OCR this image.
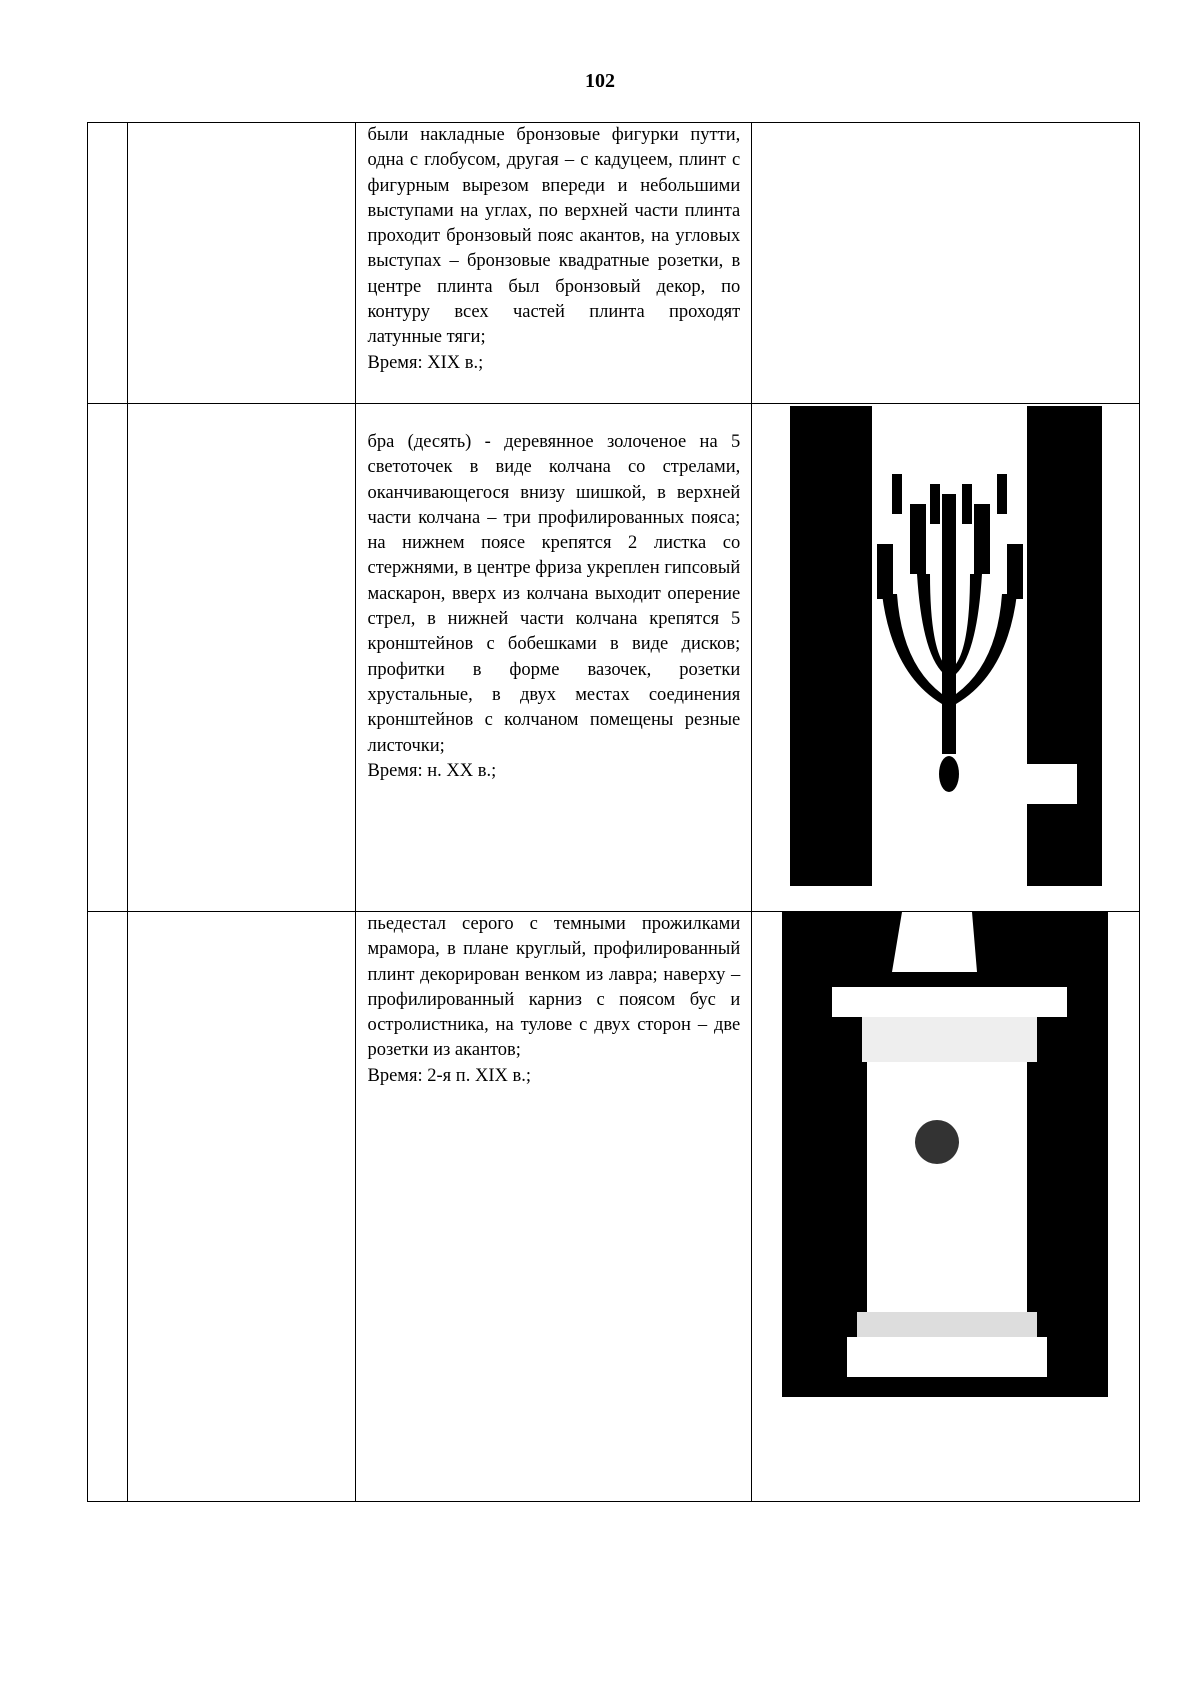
102

		были накладные бронзовые фигурки путти, одна с глобусом, другая – с кадуцеем, плинт с фигурным вырезом впереди и небольшими выступами на углах, по верхней части плинта проходит бронзовый пояс акантов, на угловых выступах – бронзовые квадратные розетки, в центре плинта был бронзовый декор, по контуру всех частей плинта проходят латунные тяги;
Время: XIX в.;	

		бра (десять) - деревянное золоченое на 5 светоточек в виде колчана со стрелами, оканчивающегося внизу шишкой, в верхней части колчана – три профилированных пояса; на нижнем поясе крепятся 2 листка со стержнями, в центре фриза укреплен гипсовый маскарон, вверх из колчана выходит оперение стрел, в нижней части колчана крепятся 5 кронштейнов с бобешками в виде дисков; профитки в форме вазочек, розетки хрустальные, в двух местах соединения кронштейнов с колчаном помещены резные листочки;
Время: н. XX в.;

		пьедестал серого с темными прожилками мрамора, в плане круглый, профилированный плинт декорирован венком из лавра; наверху – профилированный карниз с поясом бус и остролистника, на тулове с двух сторон – две розетки из акантов;
Время: 2-я п. XIX в.;
